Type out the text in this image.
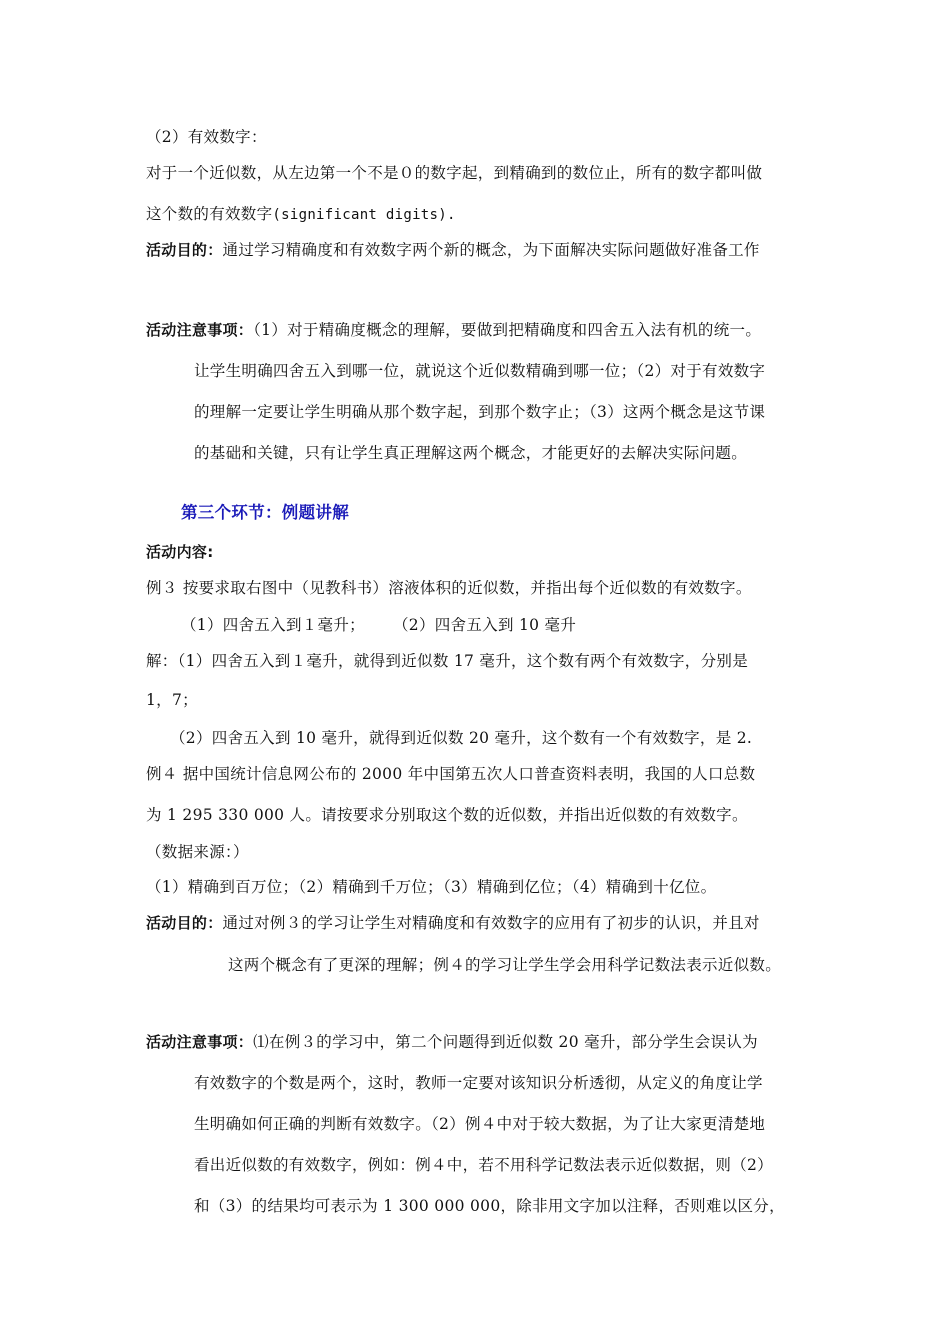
（2）有效数字：
对于一个近似数，从左边第一个不是０的数字起，到精确到的数位止，所有的数字都叫做
这个数的有效数字(significant digits).
活动目的：通过学习精确度和有效数字两个新的概念，为下面解决实际问题做好准备工作
活动注意事项：（1）对于精确度概念的理解，要做到把精确度和四舍五入法有机的统一。
让学生明确四舍五入到哪一位，就说这个近似数精确到哪一位；（2）对于有效数字
的理解一定要让学生明确从那个数字起，到那个数字止；（3）这两个概念是这节课
的基础和关键，只有让学生真正理解这两个概念，才能更好的去解决实际问题。
第三个环节：例题讲解
活动内容:
例３ 按要求取右图中（见教科书）溶液体积的近似数，并指出每个近似数的有效数字。
（1）四舍五入到１毫升； （2）四舍五入到 10 毫升
解：（1）四舍五入到１毫升，就得到近似数 17 毫升，这个数有两个有效数字，分别是
1，7；
（2）四舍五入到 10 毫升，就得到近似数 20 毫升，这个数有一个有效数字，是 2.
例４ 据中国统计信息网公布的 2000 年中国第五次人口普查资料表明，我国的人口总数
为 1 295 330 000 人。请按要求分别取这个数的近似数，并指出近似数的有效数字。
（数据来源：）
（1）精确到百万位；（2）精确到千万位；（3）精确到亿位；（4）精确到十亿位。
活动目的：通过对例３的学习让学生对精确度和有效数字的应用有了初步的认识，并且对
这两个概念有了更深的理解；例４的学习让学生学会用科学记数法表示近似数。
活动注意事项：⑴在例３的学习中，第二个问题得到近似数 20 毫升，部分学生会误认为
有效数字的个数是两个，这时，教师一定要对该知识分析透彻，从定义的角度让学
生明确如何正确的判断有效数字。（2）例４中对于较大数据，为了让大家更清楚地
看出近似数的有效数字，例如：例４中，若不用科学记数法表示近似数据，则（2）
和（3）的结果均可表示为 1 300 000 000，除非用文字加以注释，否则难以区分，
